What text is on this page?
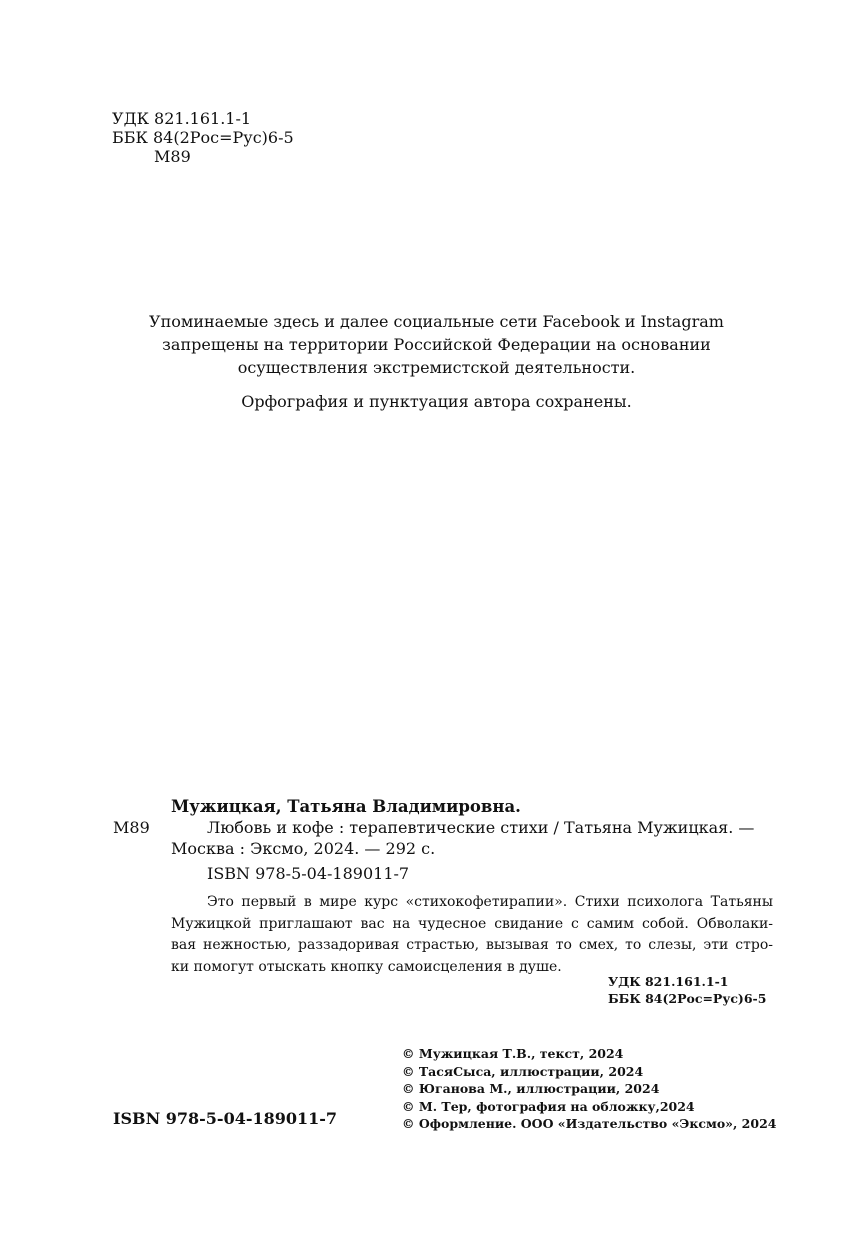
УДК 821.161.1-1
ББК 84(2Рос=Рус)6-5
М89
Упоминаемые здесь и далее социальные сети Facebook и Instagram
запрещены на территории Российской Федерации на основании
осуществления экстремистской деятельности.
Орфография и пунктуация автора сохранены.
М89
Мужицкая, Татьяна Владимировна.
Любовь и кофе : терапевтические стихи / Татьяна Мужицкая. —
Москва : Эксмо, 2024. — 292 с.
ISBN 978-5-04-189011-7
Это первый в мире курс «стихокофетирапии». Стихи психолога Татьяны
Мужицкой приглашают вас на чудесное свидание с самим собой. Обволаки-
вая нежностью, раззадоривая страстью, вызывая то смех, то слезы, эти стро-
ки помогут отыскать кнопку самоисцеления в душе.
УДК 821.161.1-1
ББК 84(2Рос=Рус)6-5
© Мужицкая Т.В., текст, 2024
© ТасяСыса, иллюстрации, 2024
© Юганова М., иллюстрации, 2024
© М. Тер, фотография на обложку,2024
© Оформление. ООО «Издательство «Эксмо», 2024
ISBN 978-5-04-189011-7
